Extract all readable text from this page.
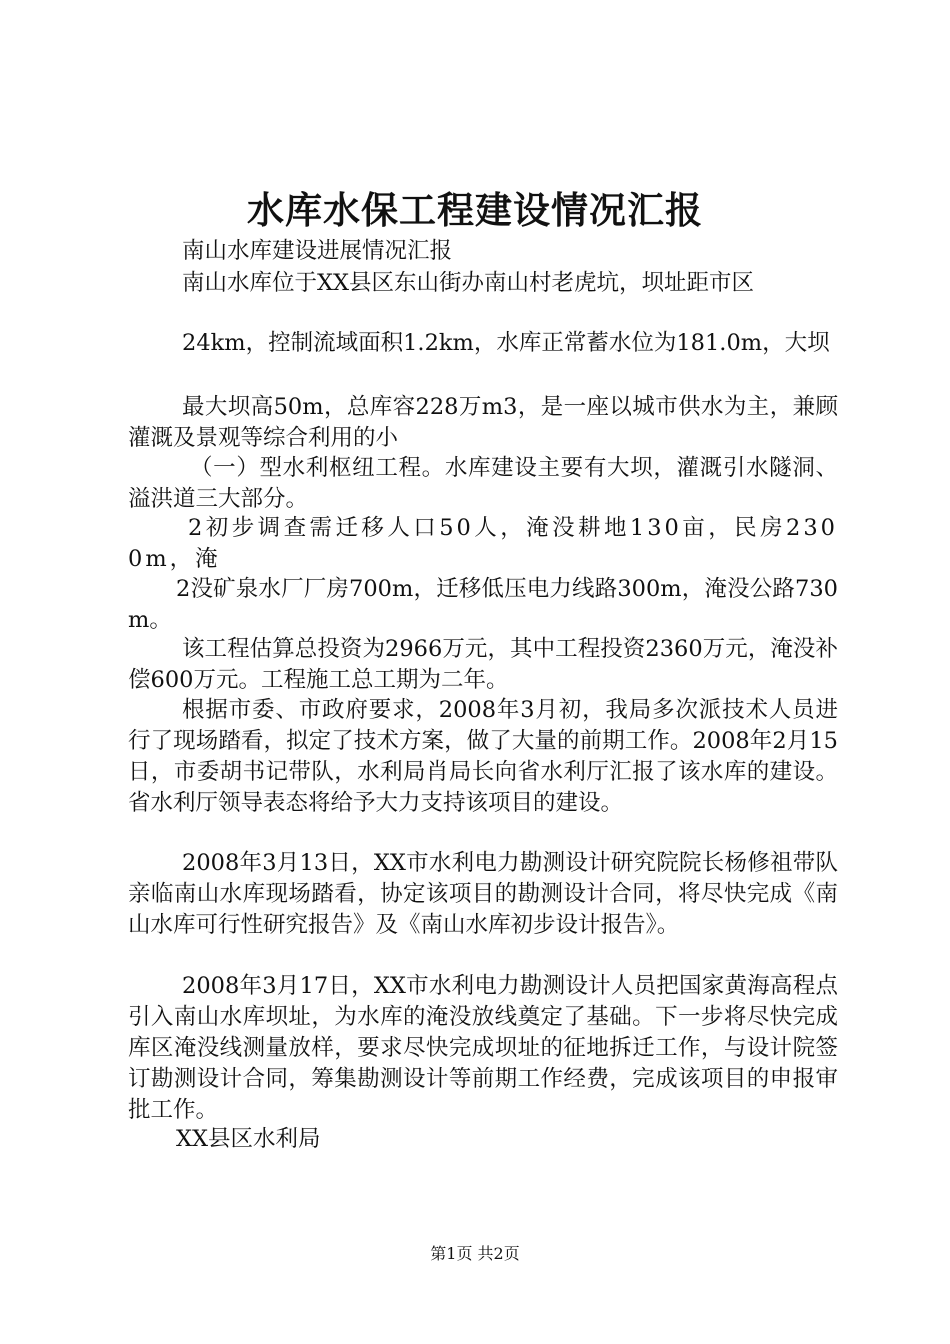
水库水保工程建设情况汇报
南山水库建设进展情况汇报
南山水库位于XX县区东山街办南山村老虎坑，坝址距市区
24km，控制流域面积1.2km，水库正常蓄水位为181.0m，大坝
最大坝高50m，总库容228万m3，是一座以城市供水为主，兼顾灌溉及景观等综合利用的小
（一）型水利枢纽工程。水库建设主要有大坝，灌溉引水隧洞、溢洪道三大部分。
2初步调查需迁移人口50人，淹没耕地130亩，民房2300m，淹
2没矿泉水厂厂房700m，迁移低压电力线路300m，淹没公路730m。
该工程估算总投资为2966万元，其中工程投资2360万元，淹没补偿600万元。工程施工总工期为二年。
根据市委、市政府要求，2008年3月初，我局多次派技术人员进行了现场踏看，拟定了技术方案，做了大量的前期工作。2008年2月15日，市委胡书记带队，水利局肖局长向省水利厅汇报了该水库的建设。省水利厅领导表态将给予大力支持该项目的建设。
2008年3月13日，XX市水利电力勘测设计研究院院长杨修祖带队亲临南山水库现场踏看，协定该项目的勘测设计合同，将尽快完成《南山水库可行性研究报告》及《南山水库初步设计报告》。
2008年3月17日，XX市水利电力勘测设计人员把国家黄海高程点引入南山水库坝址，为水库的淹没放线奠定了基础。下一步将尽快完成库区淹没线测量放样，要求尽快完成坝址的征地拆迁工作，与设计院签订勘测设计合同，筹集勘测设计等前期工作经费，完成该项目的申报审批工作。
XX县区水利局
第1页 共2页
